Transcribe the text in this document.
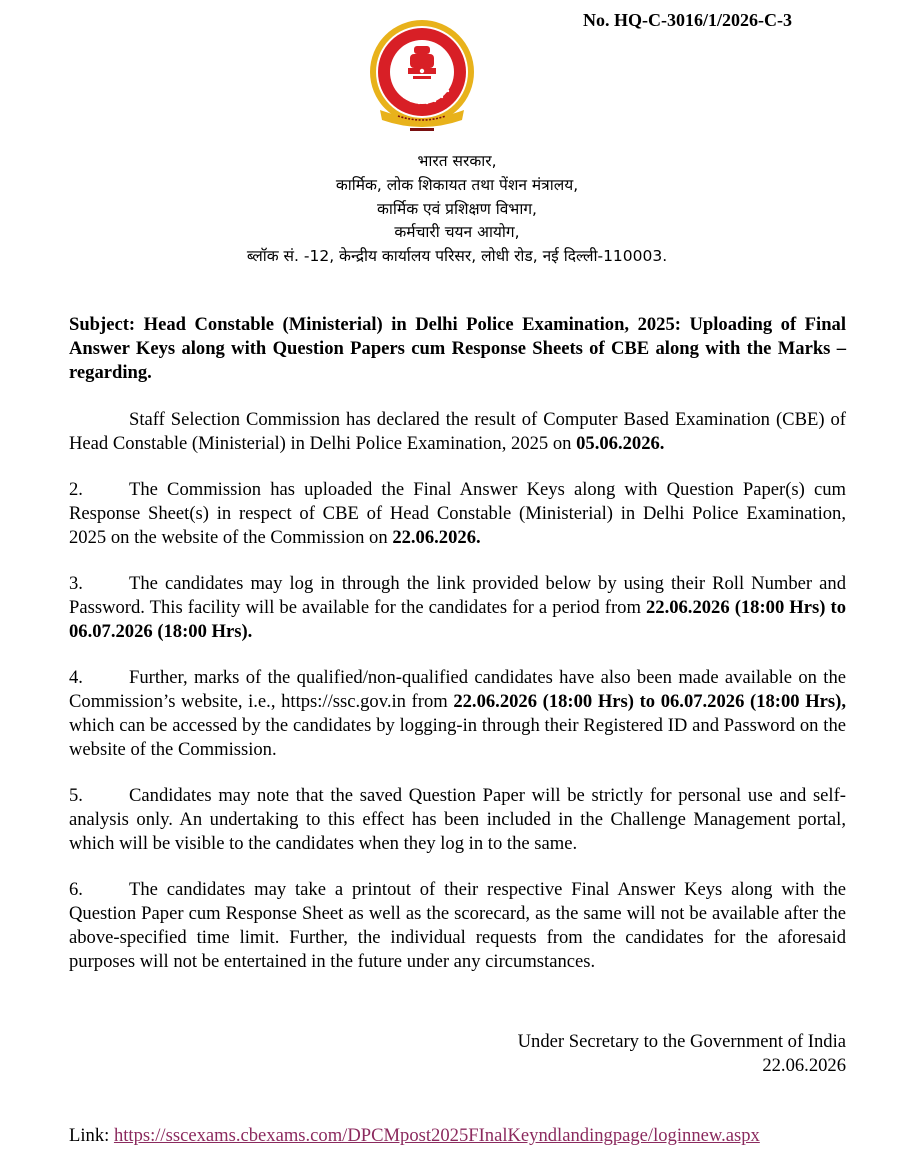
No. HQ-C-3016/1/2026-C-3
भारत सरकार,
कार्मिक, लोक शिकायत तथा पेंशन मंत्रालय,
कार्मिक एवं प्रशिक्षण विभाग,
कर्मचारी चयन आयोग,
ब्लॉक सं. -12, केन्द्रीय कार्यालय परिसर, लोधी रोड, नई दिल्ली-110003.

Subject: Head Constable (Ministerial) in Delhi Police Examination, 2025: Uploading of Final Answer Keys along with Question Papers cum Response Sheets of CBE along with the Marks – regarding.

Staff Selection Commission has declared the result of Computer Based Examination (CBE) of Head Constable (Ministerial) in Delhi Police Examination, 2025 on 05.06.2026.

2. The Commission has uploaded the Final Answer Keys along with Question Paper(s) cum Response Sheet(s) in respect of CBE of Head Constable (Ministerial) in Delhi Police Examination, 2025 on the website of the Commission on 22.06.2026.

3. The candidates may log in through the link provided below by using their Roll Number and Password. This facility will be available for the candidates for a period from 22.06.2026 (18:00 Hrs) to 06.07.2026 (18:00 Hrs).

4. Further, marks of the qualified/non-qualified candidates have also been made available on the Commission’s website, i.e., https://ssc.gov.in from 22.06.2026 (18:00 Hrs) to 06.07.2026 (18:00 Hrs), which can be accessed by the candidates by logging-in through their Registered ID and Password on the website of the Commission.

5. Candidates may note that the saved Question Paper will be strictly for personal use and self-analysis only. An undertaking to this effect has been included in the Challenge Management portal, which will be visible to the candidates when they log in to the same.

6. The candidates may take a printout of their respective Final Answer Keys along with the Question Paper cum Response Sheet as well as the scorecard, as the same will not be available after the above-specified time limit. Further, the individual requests from the candidates for the aforesaid purposes will not be entertained in the future under any circumstances.

Under Secretary to the Government of India
22.06.2026
Link: https://sscexams.cbexams.com/DPCMpost2025FInalKeyndlandingpage/loginnew.aspx
